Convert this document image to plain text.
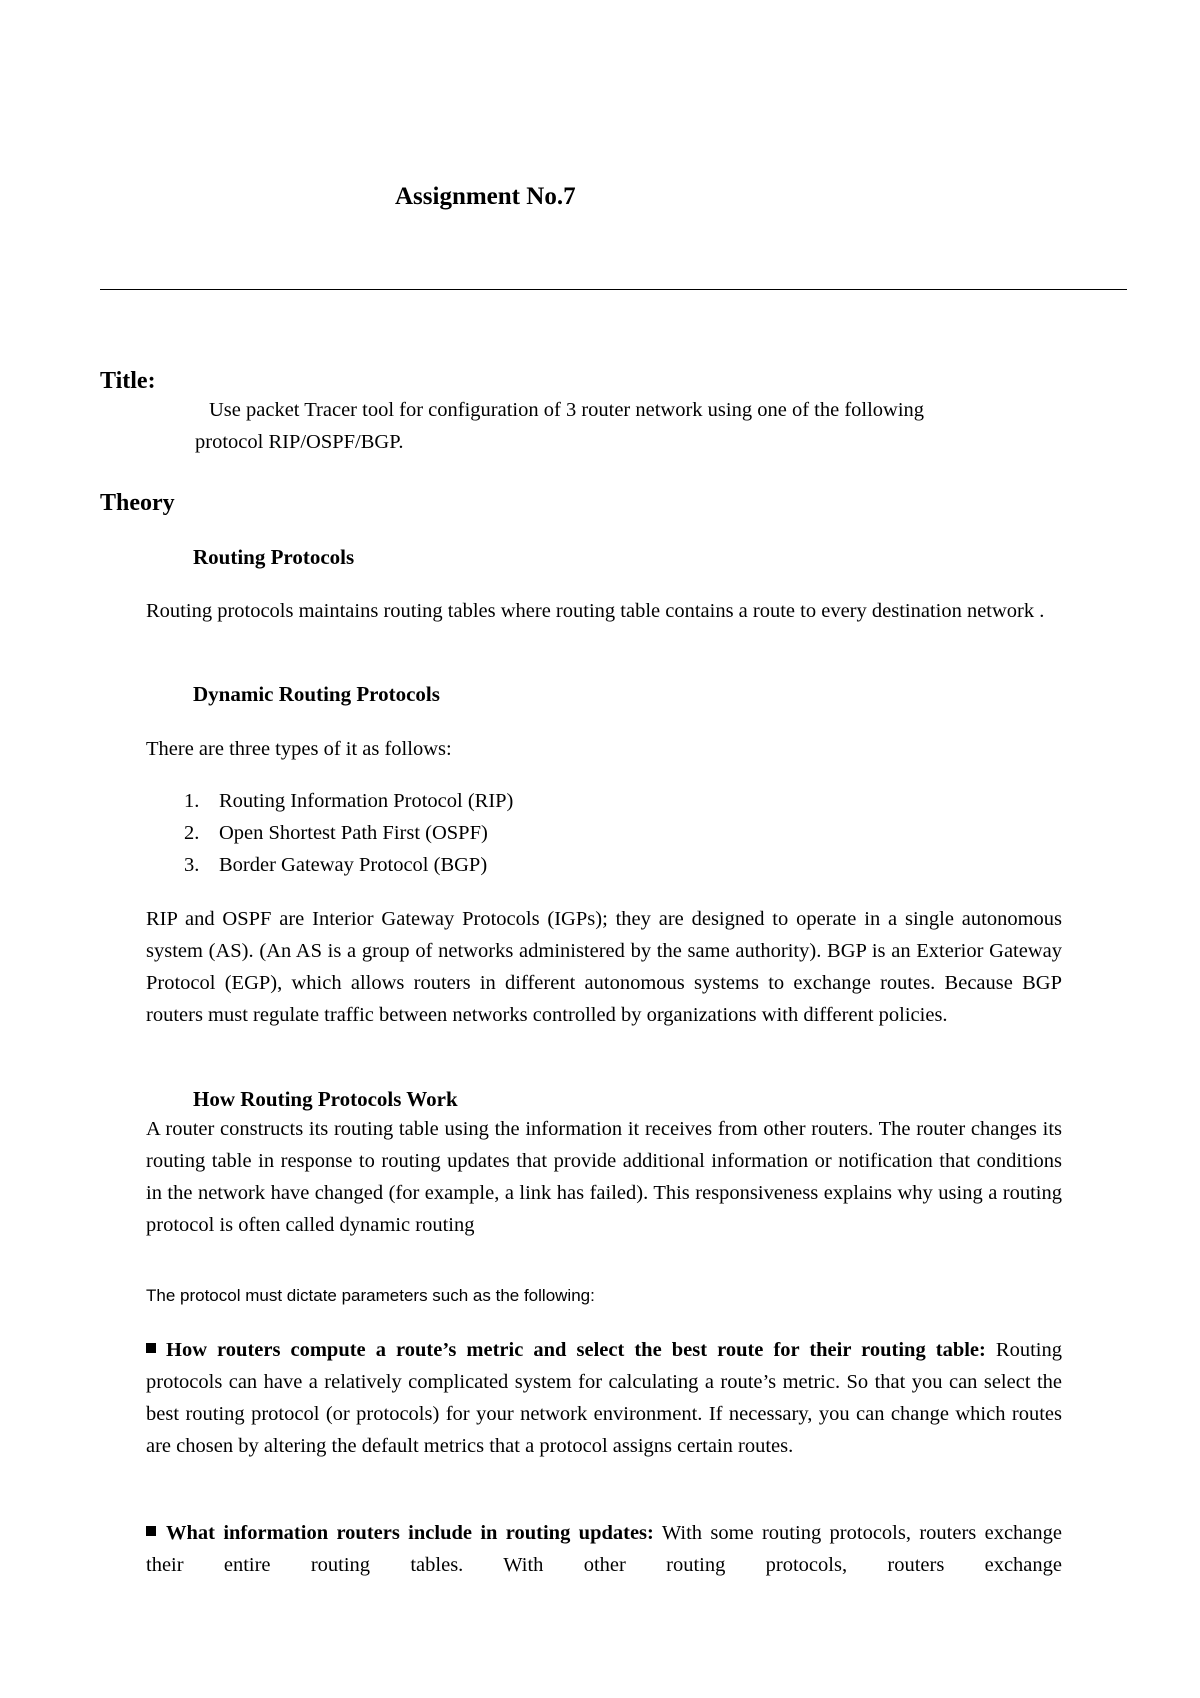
Assignment No.7
Title:
Use packet Tracer tool for configuration of 3 router network using one of the following
protocol RIP/OSPF/BGP.
Theory
Routing Protocols
Routing protocols maintains routing tables where routing table contains a route to every destination network .
Dynamic Routing Protocols
There are three types of it as follows:
1. Routing Information Protocol (RIP)
2. Open Shortest Path First (OSPF)
3. Border Gateway Protocol (BGP)
RIP and OSPF are Interior Gateway Protocols (IGPs); they are designed to operate in a single autonomous system (AS). (An AS is a group of networks administered by the same authority). BGP is an Exterior Gateway Protocol (EGP), which allows routers in different autonomous systems to exchange routes. Because BGP routers must regulate traffic between networks controlled by organizations with different policies.
How Routing Protocols Work
A router constructs its routing table using the information it receives from other routers. The router changes its routing table in response to routing updates that provide additional information or notification that conditions in the network have changed (for example, a link has failed). This responsiveness explains why using a routing protocol is often called dynamic routing
The protocol must dictate parameters such as the following:
How routers compute a route’s metric and select the best route for their routing table: Routing protocols can have a relatively complicated system for calculating a route’s metric. So that you can select the best routing protocol (or protocols) for your network environment. If necessary, you can change which routes are chosen by altering the default metrics that a protocol assigns certain routes.
What information routers include in routing updates: With some routing protocols, routers exchange their entire routing tables. With other routing protocols, routers exchange
